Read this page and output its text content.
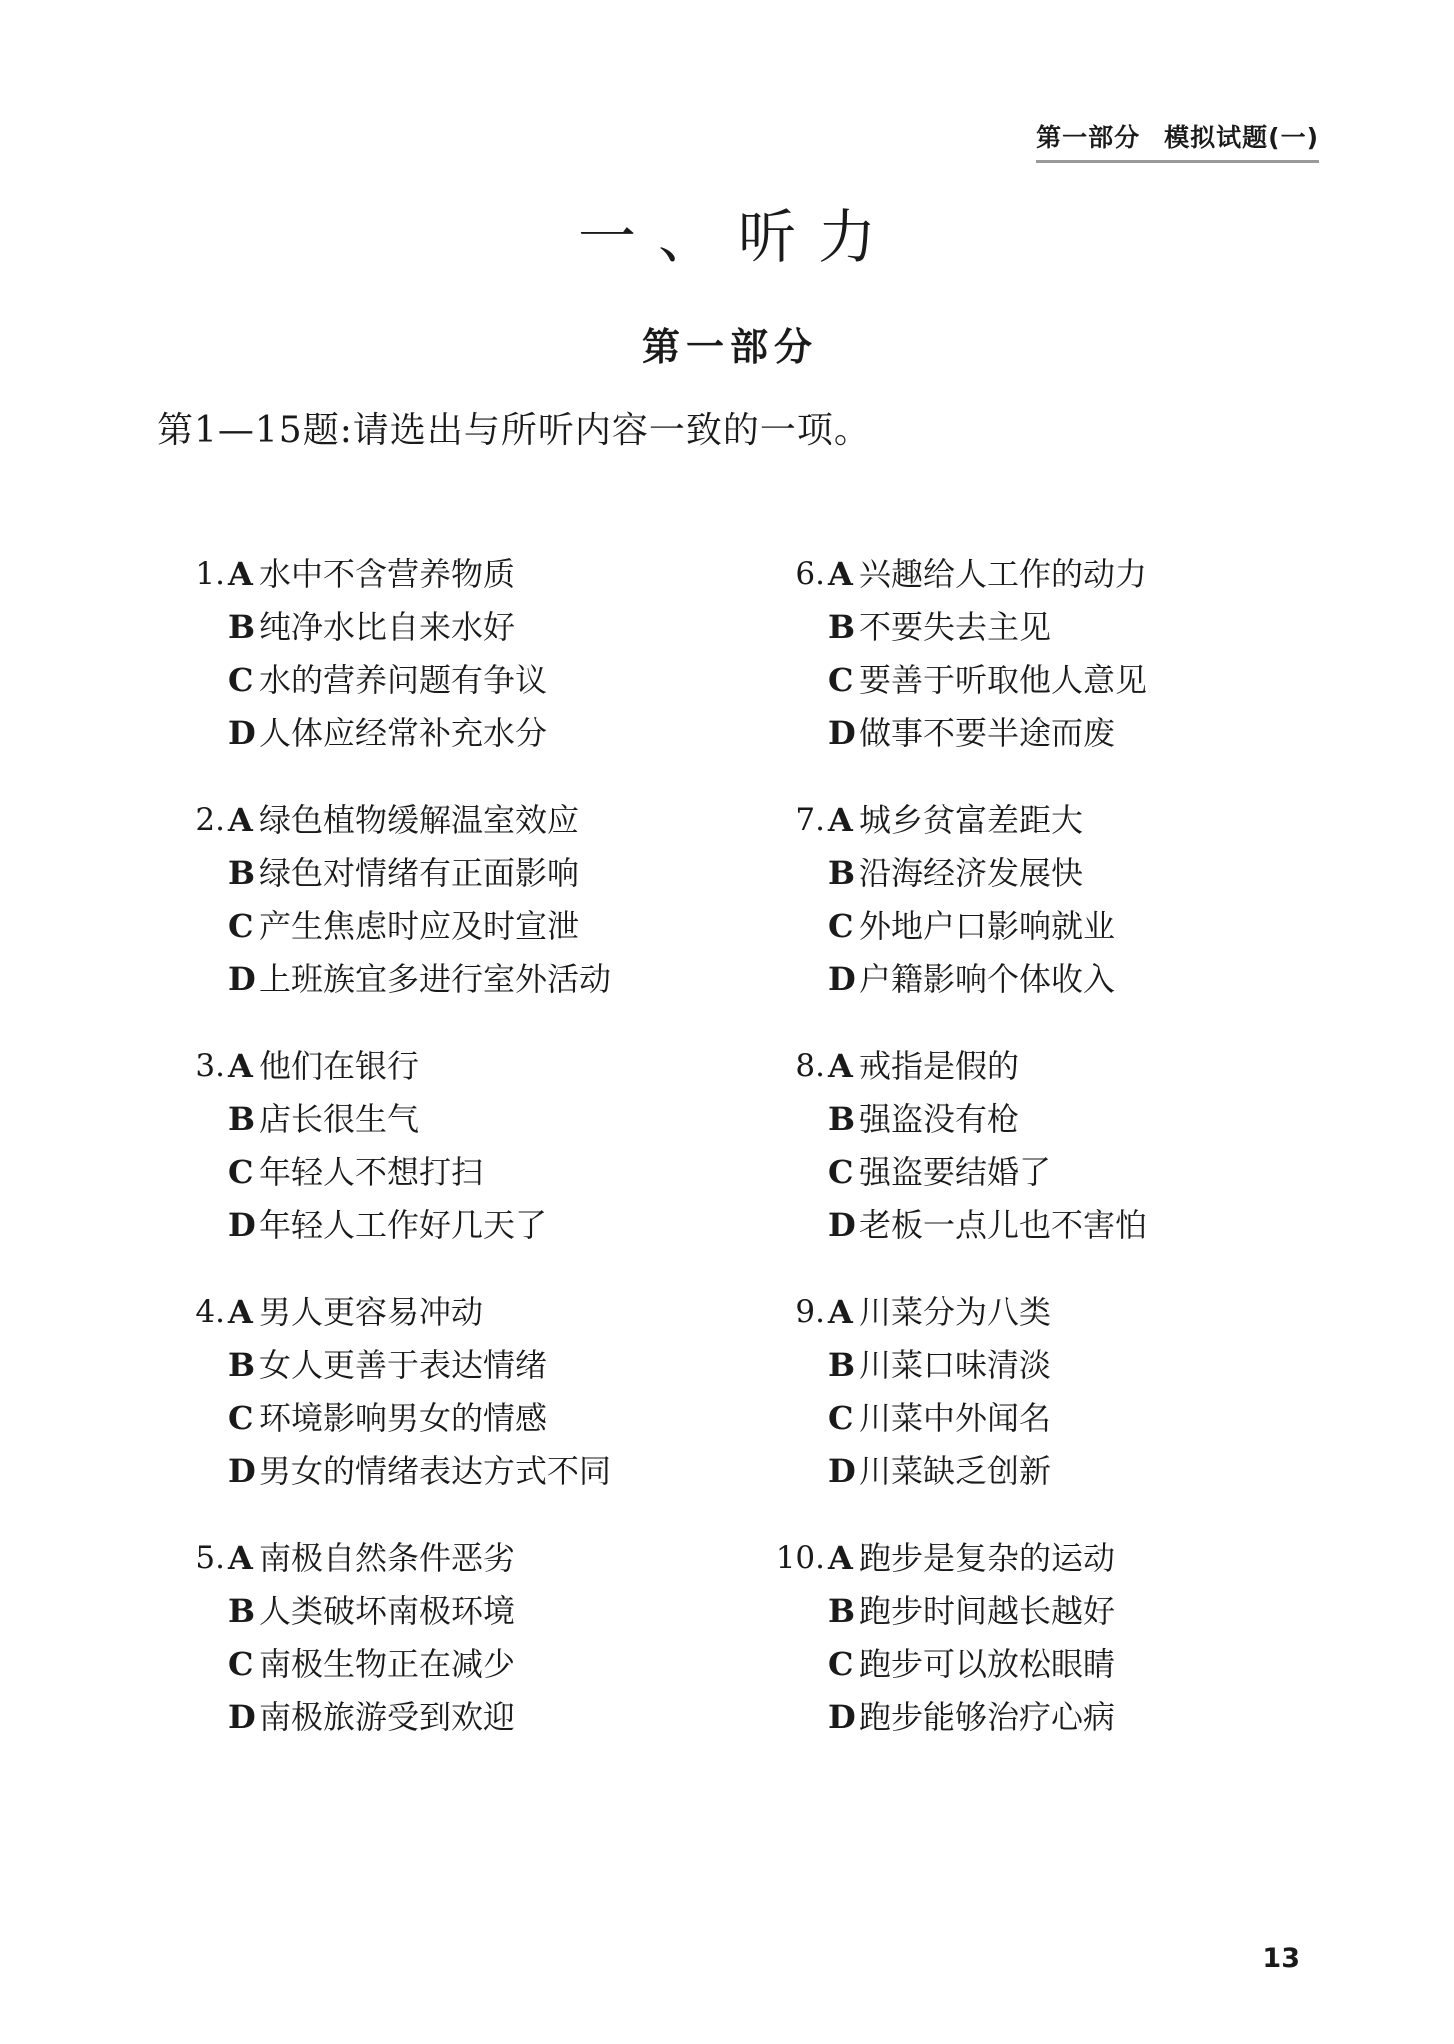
第一部分 模拟试题(一)
一、听力
第一部分
第1—15题:请选出与所听内容一致的一项。
1. A 水中不含营养物质
B 纯净水比自来水好
C 水的营养问题有争议
D 人体应经常补充水分
2. A 绿色植物缓解温室效应
B 绿色对情绪有正面影响
C 产生焦虑时应及时宣泄
D 上班族宜多进行室外活动
3. A 他们在银行
B 店长很生气
C 年轻人不想打扫
D 年轻人工作好几天了
4. A 男人更容易冲动
B 女人更善于表达情绪
C 环境影响男女的情感
D 男女的情绪表达方式不同
5. A 南极自然条件恶劣
B 人类破坏南极环境
C 南极生物正在减少
D 南极旅游受到欢迎
6. A 兴趣给人工作的动力
B 不要失去主见
C 要善于听取他人意见
D 做事不要半途而废
7. A 城乡贫富差距大
B 沿海经济发展快
C 外地户口影响就业
D 户籍影响个体收入
8. A 戒指是假的
B 强盗没有枪
C 强盗要结婚了
D 老板一点儿也不害怕
9. A 川菜分为八类
B 川菜口味清淡
C 川菜中外闻名
D 川菜缺乏创新
10. A 跑步是复杂的运动
B 跑步时间越长越好
C 跑步可以放松眼睛
D 跑步能够治疗心病
13
